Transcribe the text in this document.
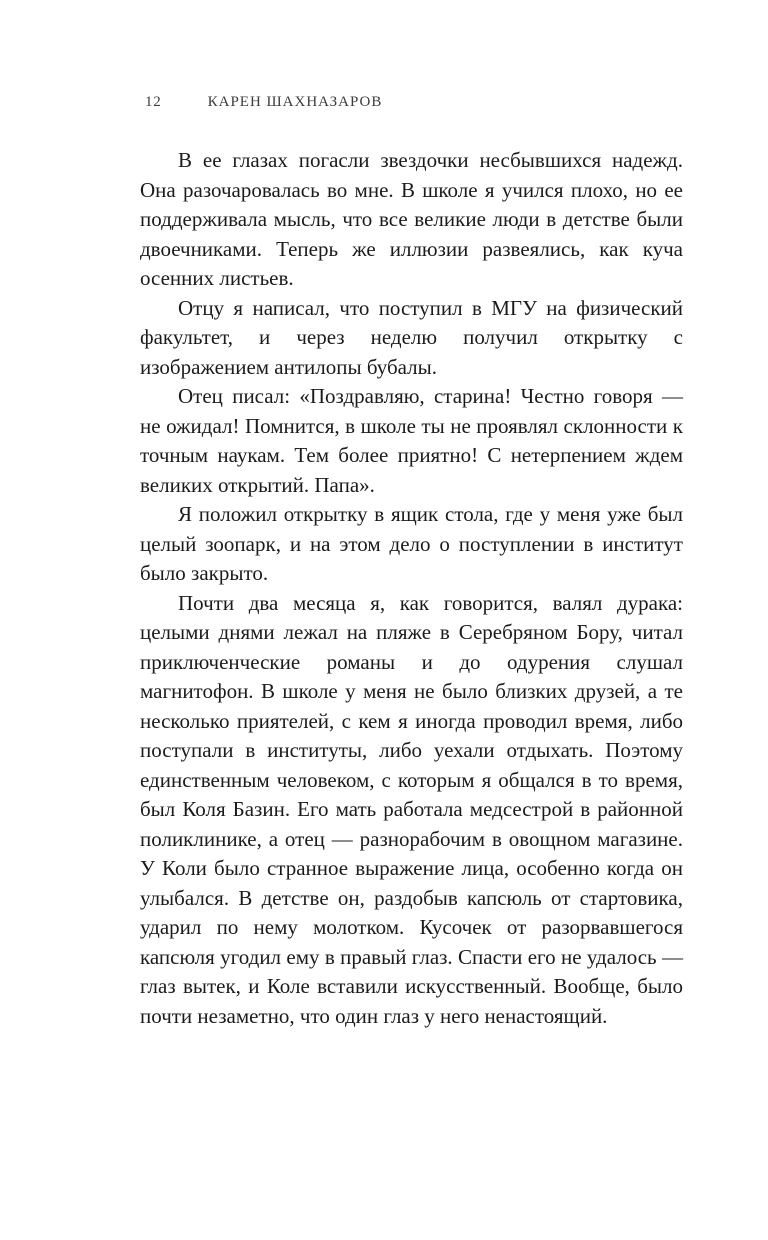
12	КАРЕН ШАХНАЗАРОВ

В ее глазах погасли звездочки несбывшихся надежд. Она разочаровалась во мне. В школе я учился плохо, но ее поддерживала мысль, что все великие люди в детстве были двоечниками. Теперь же иллюзии развеялись, как куча осенних листьев.

Отцу я написал, что поступил в МГУ на физический факультет, и через неделю получил открытку с изображением антилопы бубалы.

Отец писал: «Поздравляю, старина! Честно говоря — не ожидал! Помнится, в школе ты не проявлял склонности к точным наукам. Тем более приятно! С нетерпением ждем великих открытий. Папа».

Я положил открытку в ящик стола, где у меня уже был целый зоопарк, и на этом дело о поступлении в институт было закрыто.

Почти два месяца я, как говорится, валял дурака: целыми днями лежал на пляже в Серебряном Бору, читал приключенческие романы и до одурения слушал магнитофон. В школе у меня не было близких друзей, а те несколько приятелей, с кем я иногда проводил время, либо поступали в институты, либо уехали отдыхать. Поэтому единственным человеком, с которым я общался в то время, был Коля Базин. Его мать работала медсестрой в районной поликлинике, а отец — разнорабочим в овощном магазине. У Коли было странное выражение лица, особенно когда он улыбался. В детстве он, раздобыв капсюль от стартовика, ударил по нему молотком. Кусочек от разорвавшегося капсюля угодил ему в правый глаз. Спасти его не удалось — глаз вытек, и Коле вставили искусственный. Вообще, было почти незаметно, что один глаз у него ненастоящий.
